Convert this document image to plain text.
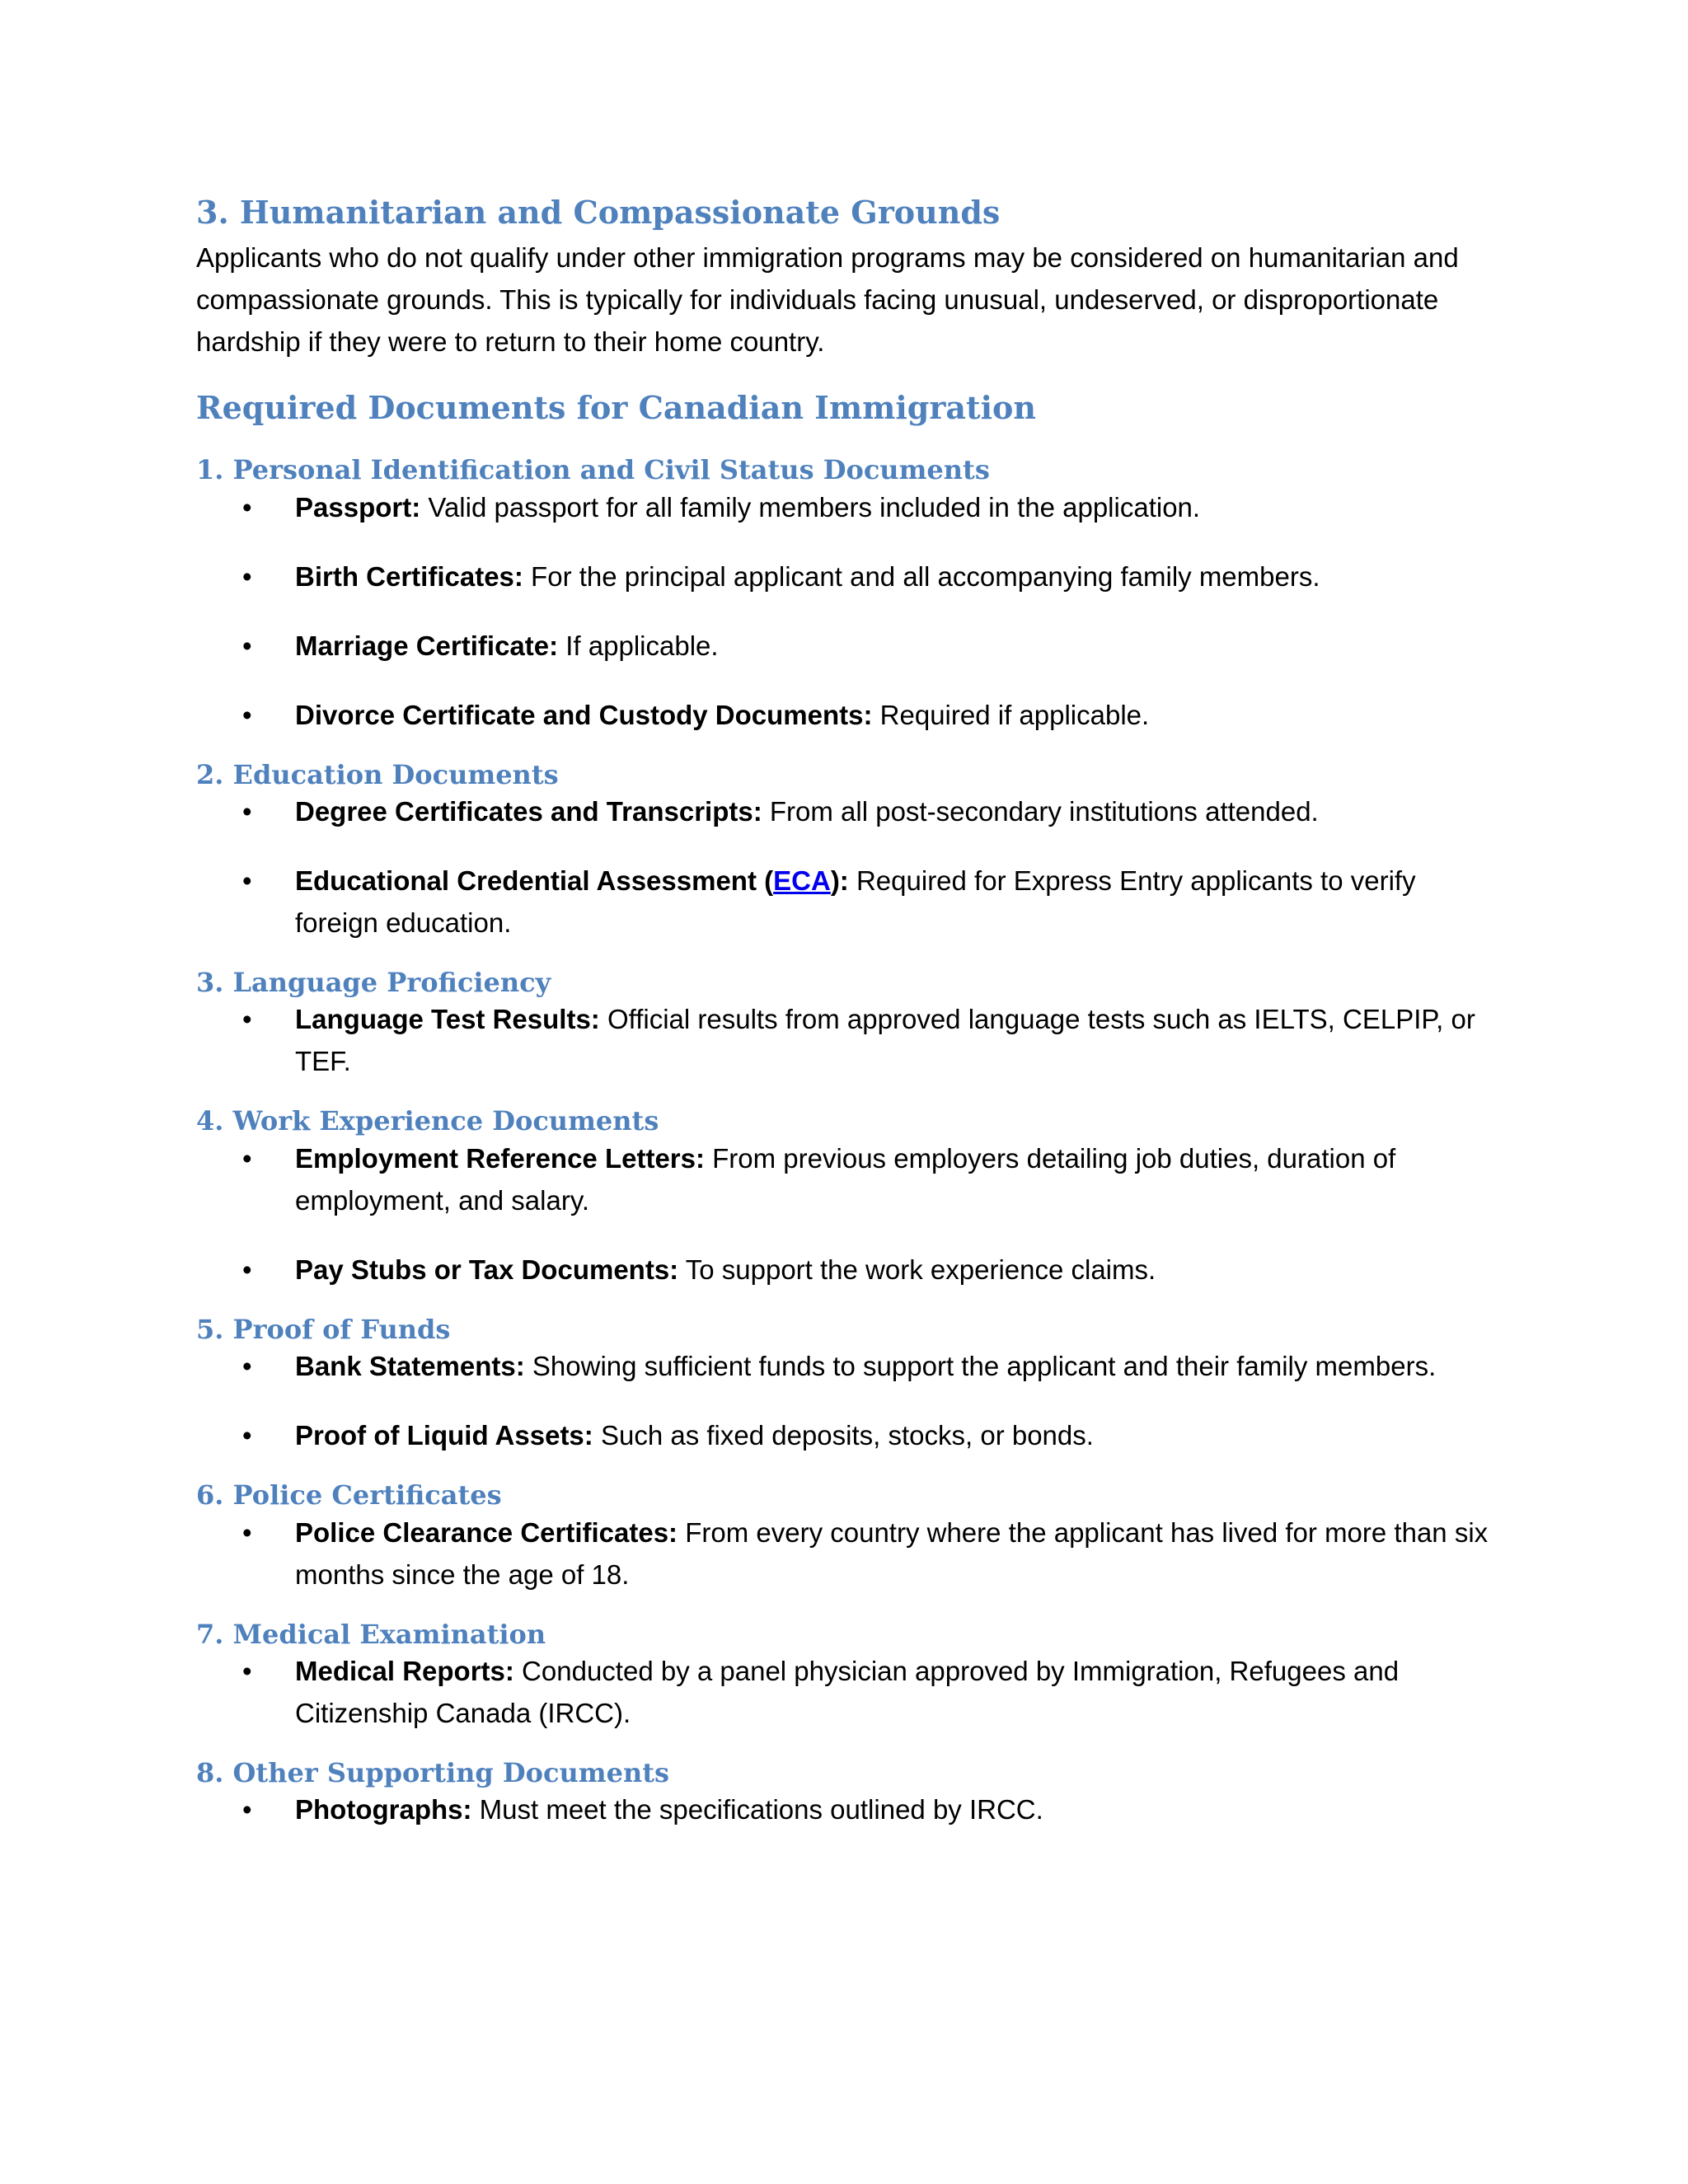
3. Humanitarian and Compassionate Grounds

Applicants who do not qualify under other immigration programs may be considered on humanitarian and compassionate grounds. This is typically for individuals facing unusual, undeserved, or disproportionate hardship if they were to return to their home country.

Required Documents for Canadian Immigration
1. Personal Identification and Civil Status Documents
• Passport: Valid passport for all family members included in the application.
• Birth Certificates: For the principal applicant and all accompanying family members.
• Marriage Certificate: If applicable.
• Divorce Certificate and Custody Documents: Required if applicable.
2. Education Documents
• Degree Certificates and Transcripts: From all post-secondary institutions attended.
• Educational Credential Assessment (ECA): Required for Express Entry applicants to verify foreign education.
3. Language Proficiency
• Language Test Results: Official results from approved language tests such as IELTS, CELPIP, or TEF.
4. Work Experience Documents
• Employment Reference Letters: From previous employers detailing job duties, duration of employment, and salary.
• Pay Stubs or Tax Documents: To support the work experience claims.
5. Proof of Funds
• Bank Statements: Showing sufficient funds to support the applicant and their family members.
• Proof of Liquid Assets: Such as fixed deposits, stocks, or bonds.
6. Police Certificates
• Police Clearance Certificates: From every country where the applicant has lived for more than six months since the age of 18.
7. Medical Examination
• Medical Reports: Conducted by a panel physician approved by Immigration, Refugees and Citizenship Canada (IRCC).
8. Other Supporting Documents
• Photographs: Must meet the specifications outlined by IRCC.
